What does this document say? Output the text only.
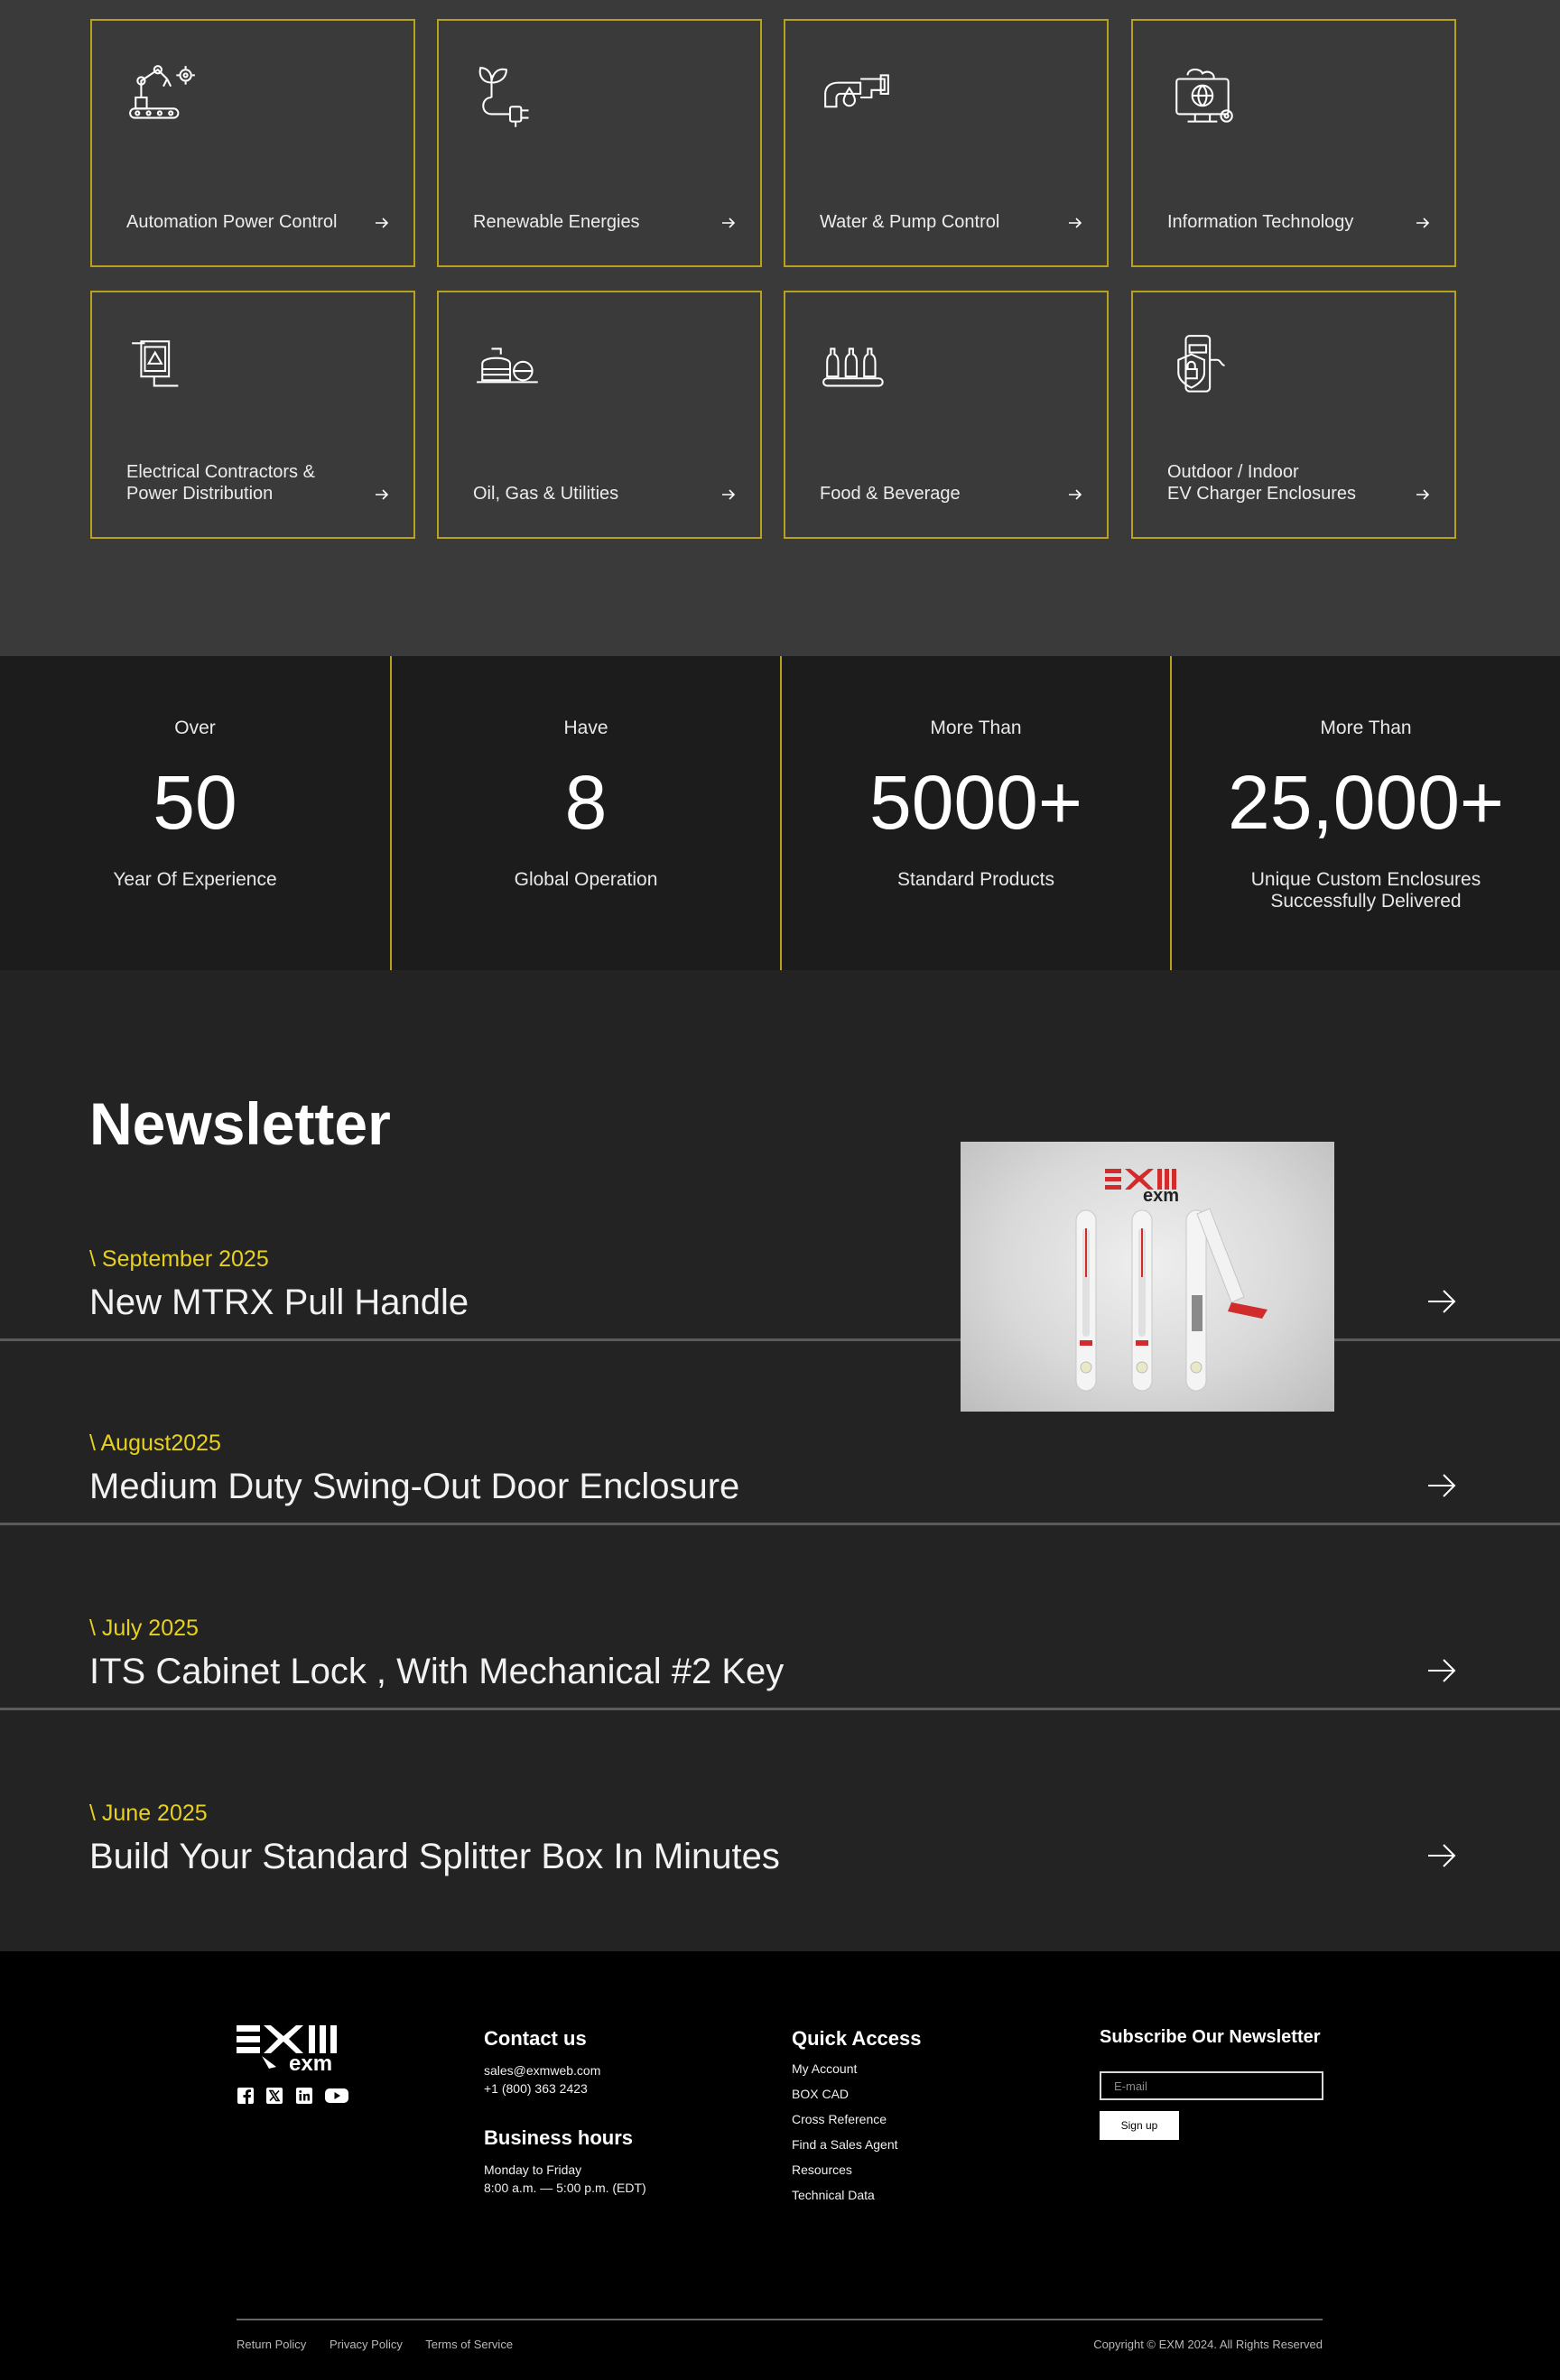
Automation Power Control	Renewable Energies	Water & Pump Control	Information Technology
Electrical Contractors &
Power Distribution	Oil, Gas & Utilities	Food & Beverage
Outdoor / Indoor
EV Charger Enclosures
Over
50
Year Of Experience
Have
8
Global Operation
More Than
5000+
Standard Products
More Than
25,000+
Unique Custom Enclosures
Successfully Delivered
Newsletter
\ September 2025
New MTRX Pull Handle
\ August2025
Medium Duty Swing-Out Door Enclosure
\ July 2025
ITS Cabinet Lock , With Mechanical #2 Key
\ June 2025
Build Your Standard Splitter Box In Minutes
exm
exm

Contact us
sales@exmweb.com
+1 (800) 363 2423
Business hours
Monday to Friday
8:00 a.m. — 5:00 p.m. (EDT)
Quick Access
My Account
BOX CAD
Cross Reference
Find a Sales Agent
Resources
Technical Data
Subscribe Our Newsletter
E-mail
Sign up
Return Policy Privacy Policy Terms of Service	Copyright © EXM 2024. All Rights Reserved
